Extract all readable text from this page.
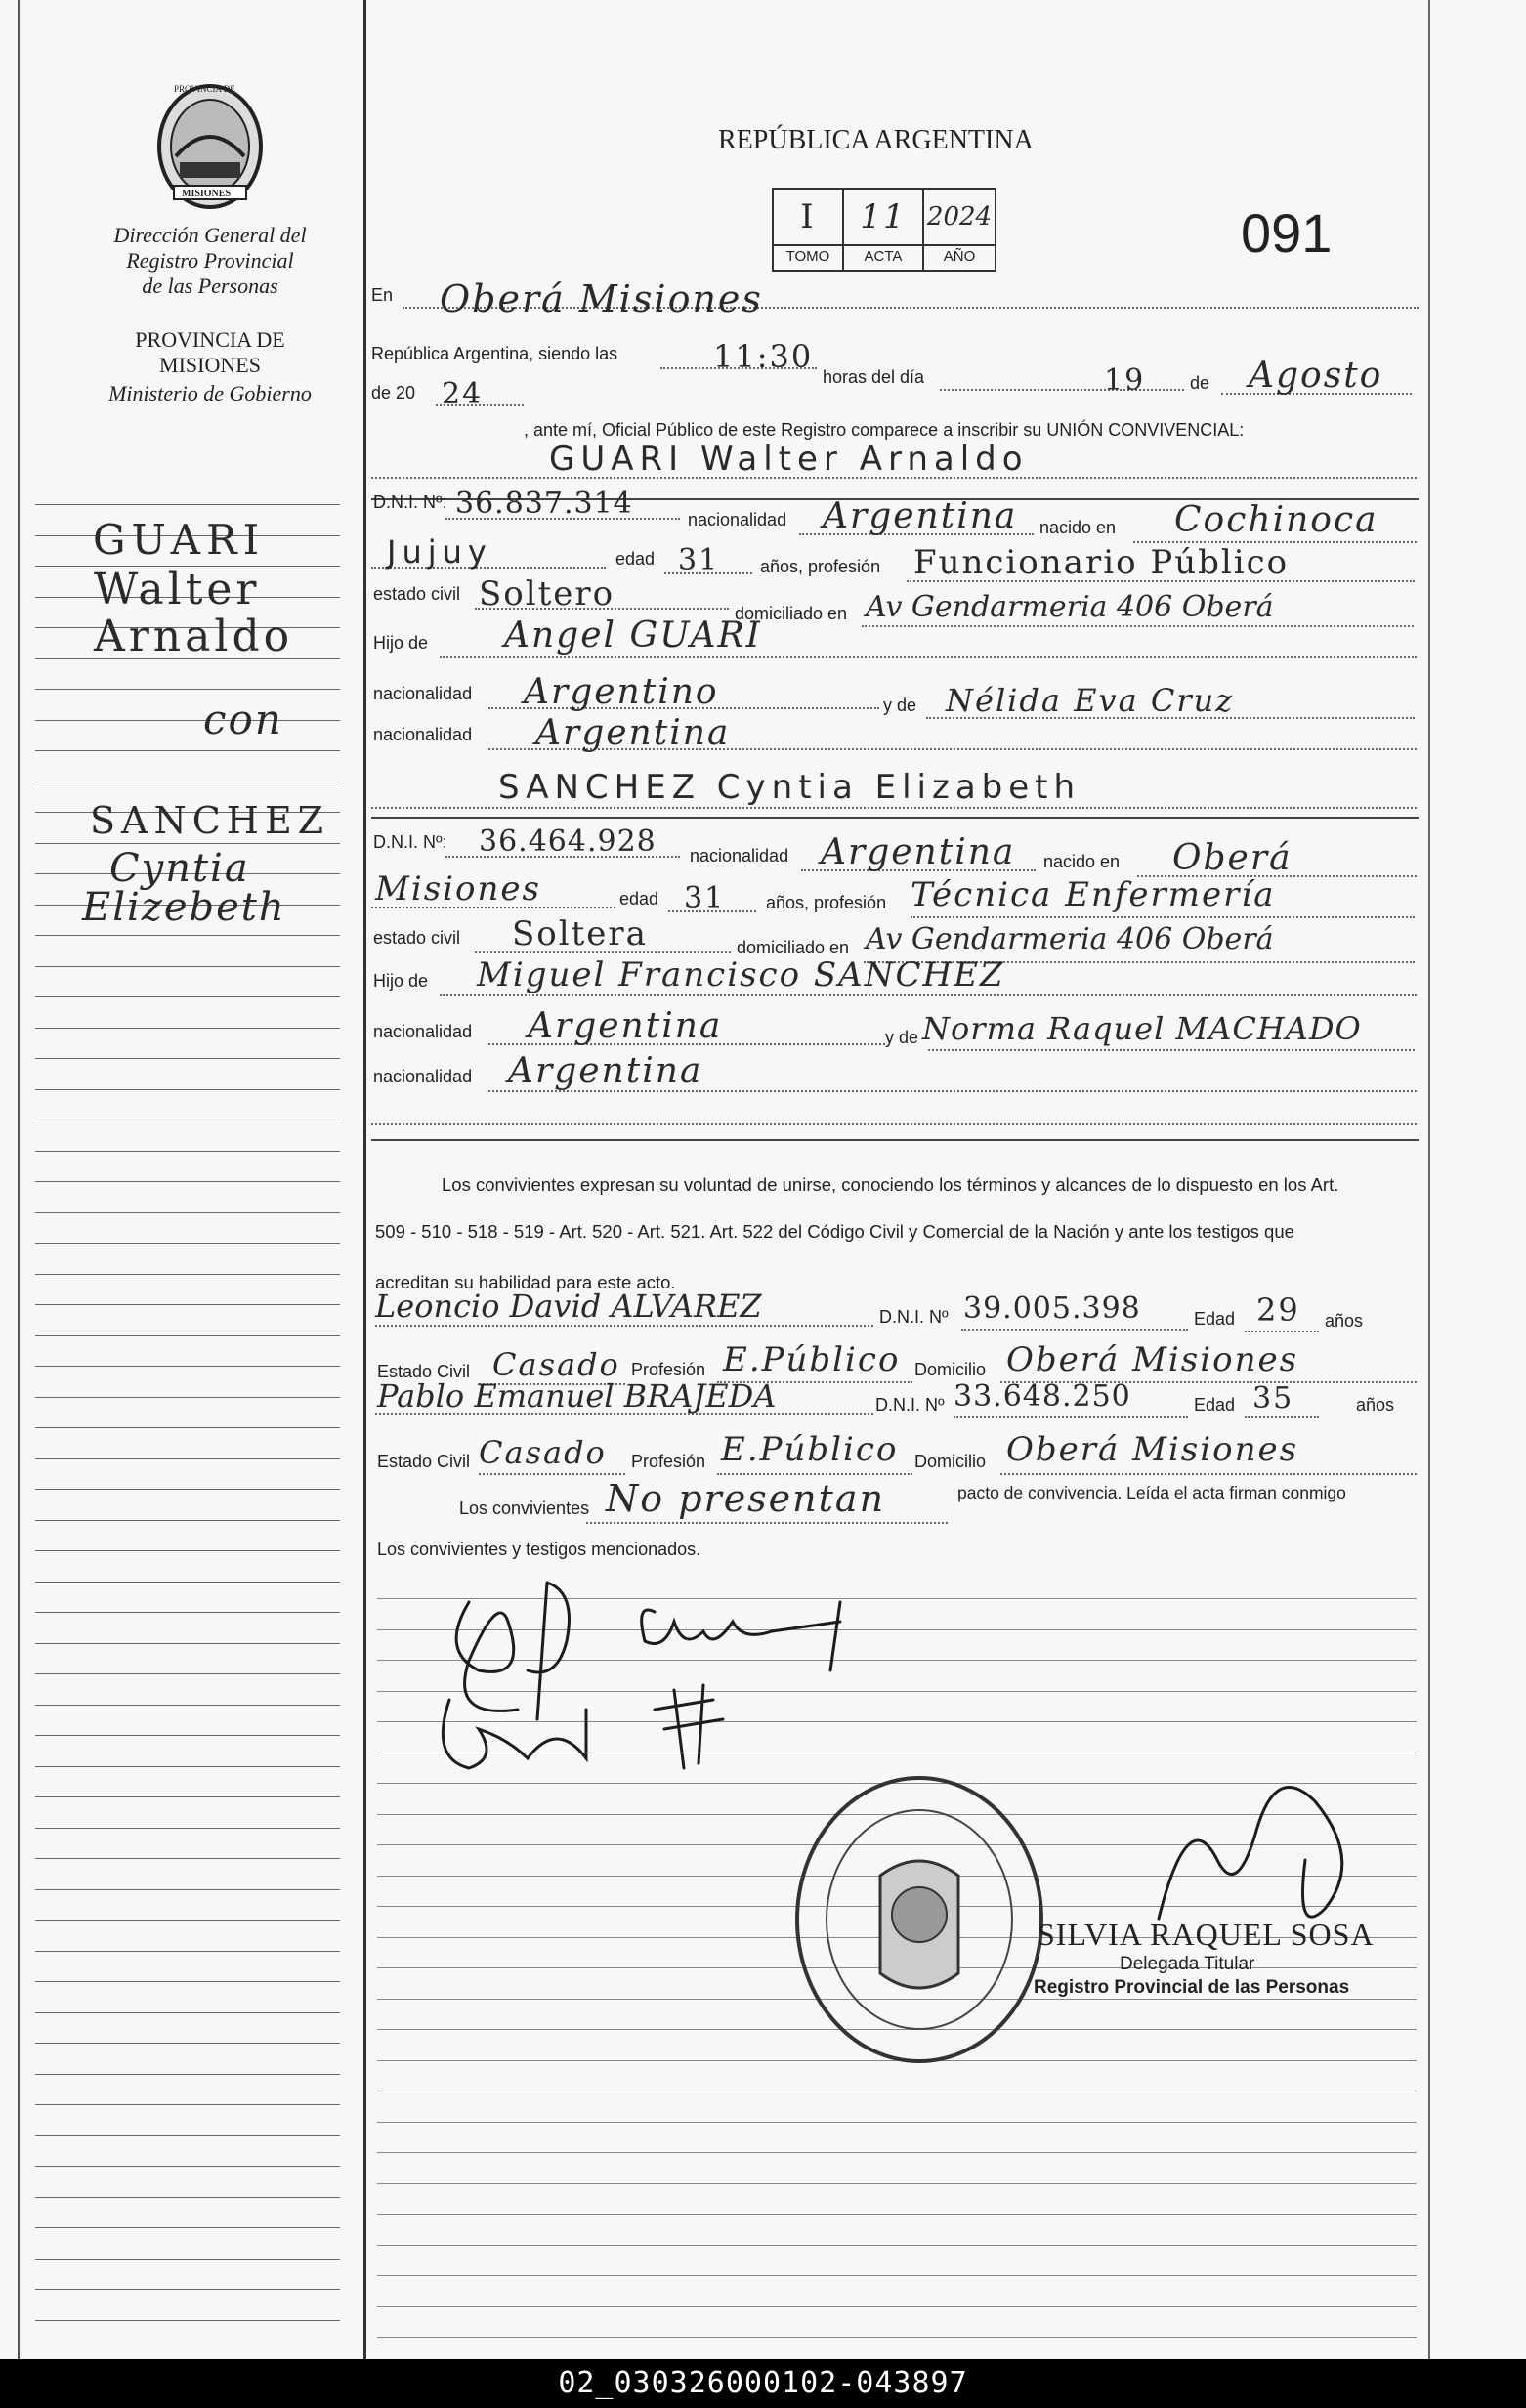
PROVINCIA DE
MISIONES
Dirección General del
Registro Provincial
de las Personas
PROVINCIA DE
MISIONES
Ministerio de Gobierno
GUARI
Walter
Arnaldo
con
SANCHEZ
Cyntia
Elizebeth
REPÚBLICA ARGENTINA
I	11 2024
TOMO	ACTA	AÑO	091
En Oberá Misiones
República Argentina, siendo las	11:30
horas del día	19	de Agosto
de 20 24
, ante mí, Oficial Público de este Registro comparece a inscribir su UNIÓN CONVIVENCIAL:
GUARI Walter Arnaldo
D.N.I. Nº: 36.837.314	nacionalidad Argentina nacido en Cochinoca
Jujuy	edad 31 años, profesión Funcionario Público
estado civil Soltero	domiciliado en Av Gendarmeria 406 Oberá
Hijo de Angel GUARI
nacionalidad Argentino	y de Nélida Eva Cruz
nacionalidad Argentina
SANCHEZ Cyntia Elizabeth
D.N.I. Nº: 36.464.928 nacionalidad Argentina nacido en Oberá
Misiones	edad 31 años, profesión Técnica Enfermería
estado civil Soltera	domiciliado en Av Gendarmeria 406 Oberá
Hijo de Miguel Francisco SANCHEZ
nacionalidad Argentina	y de Norma Raquel MACHADO
nacionalidad Argentina
Los convivientes expresan su voluntad de unirse, conociendo los términos y alcances de lo dispuesto en los Art.
509 - 510 - 518 - 519 - Art. 520 - Art. 521. Art. 522 del Código Civil y Comercial de la Nación y ante los testigos que
acreditan su habilidad para este acto.
Leoncio David ALVAREZ	D.N.I. Nº 39.005.398	Edad 29 años
Estado Civil Casado Profesión E.Público Domicilio Oberá Misiones
Pablo Emanuel BRAJEDA	D.N.I. Nº 33.648.250	Edad 35	años
Estado Civil Casado Profesión E.Público Domicilio Oberá Misiones
Los convivientes No presentan	pacto de convivencia. Leída el acta firman conmigo
Los convivientes y testigos mencionados.
SILVIA RAQUEL SOSA
Delegada Titular
Registro Provincial de las Personas
02_030326000102-043897
